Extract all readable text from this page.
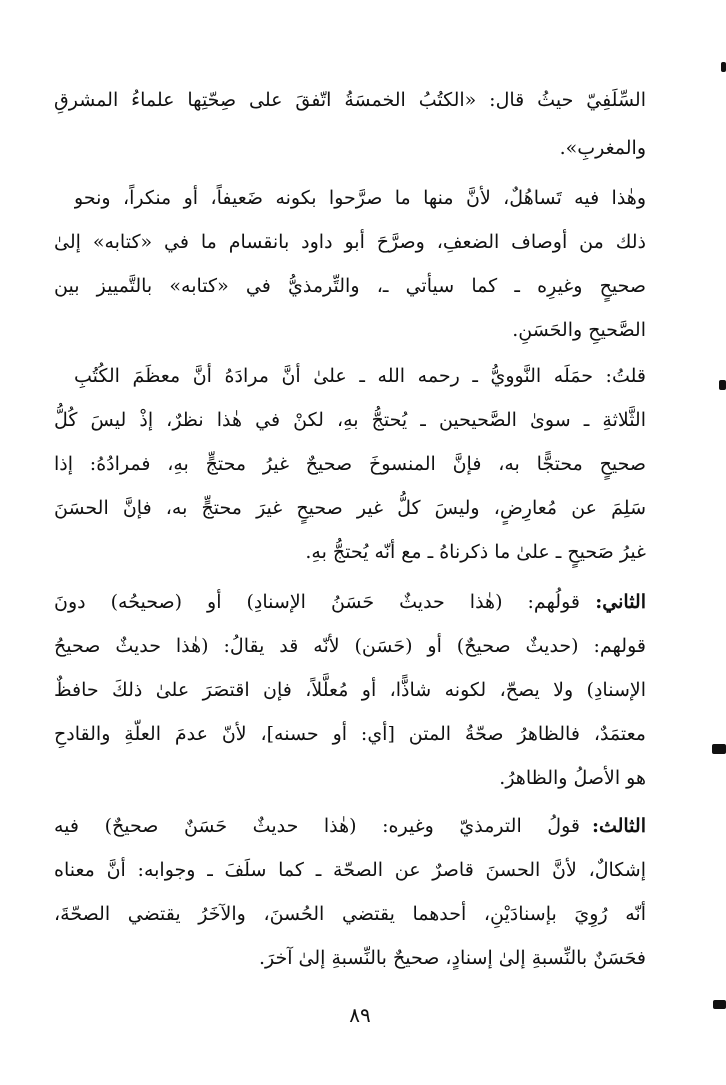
السِّلَفِيّ حيثُ قال: «الكتُبُ الخمسَةُ اتّفقَ على صِحّتِها علماءُ المشرقِ
والمغربِ».
وهٰذا فيه تَساهُلٌ، لأنَّ منها ما صرَّحوا بكونه ضَعيفاً، أو منكراً، ونحو
ذلك من أوصاف الضعفِ، وصرَّحَ أبو داود بانقسام ما في «كتابه» إلىٰ
صحيحٍ وغيرِه ـ كما سيأتي ـ، والتِّرمذيُّ في «كتابه» بالتَّمييز بين
الصَّحيحِ والحَسَنِ.
قلتُ: حمَلَه النَّوويُّ ـ رحمه الله ـ علىٰ أنَّ مرادَهُ أنَّ معظَمَ الكُتُبِ
الثَّلاثةِ ـ سوىٰ الصَّحيحين ـ يُحتجُّ بهِ، لكنْ في هٰذا نظرٌ، إذْ ليسَ كُلُّ
صحيحٍ محتجًّا به، فإنَّ المنسوخَ صحيحٌ غيرُ محتجٍّ بهِ، فمرادُهُ: إذا
سَلِمَ عن مُعارِضٍ، وليسَ كلُّ غير صحيحٍ غيرَ محتجٍّ به، فإنَّ الحسَنَ
غيرُ صَحيحٍ ـ علىٰ ما ذكرناهُ ـ مع أنّه يُحتجُّ بهِ.
الثاني:
قولُهم: (هٰذا حديثٌ حَسَنُ الإسنادِ) أو (صحيحُه) دونَ
قولهم: (حديثٌ صحيحٌ) أو (حَسَن) لأنّه قد يقالُ: (هٰذا حديثٌ صحيحُ
الإسنادِ) ولا يصحّ، لكونه شاذًّا، أو مُعلَّلاً، فإن اقتصَرَ علىٰ ذلكَ حافظٌ
معتمَدٌ، فالظاهرُ صحّةُ المتن [أي: أو حسنه]، لأنّ عدمَ العلّةِ والقادحِ
هو الأصلُ والظاهرُ.
الثالث:
قولُ الترمذيّ وغيره: (هٰذا حديثٌ حَسَنٌ صحيحٌ) فيه
إشكالٌ، لأنَّ الحسنَ قاصرٌ عن الصحّة ـ كما سلَفَ ـ وجوابه: أنَّ معناه
أنّه رُوِيَ بإسنادَيْنِ، أحدهما يقتضي الحُسنَ، والآخَرُ يقتضي الصحّةَ،
فحَسَنٌ بالنِّسبةِ إلىٰ إسنادٍ، صحيحٌ بالنِّسبةِ إلىٰ آخرَ.
٨٩
